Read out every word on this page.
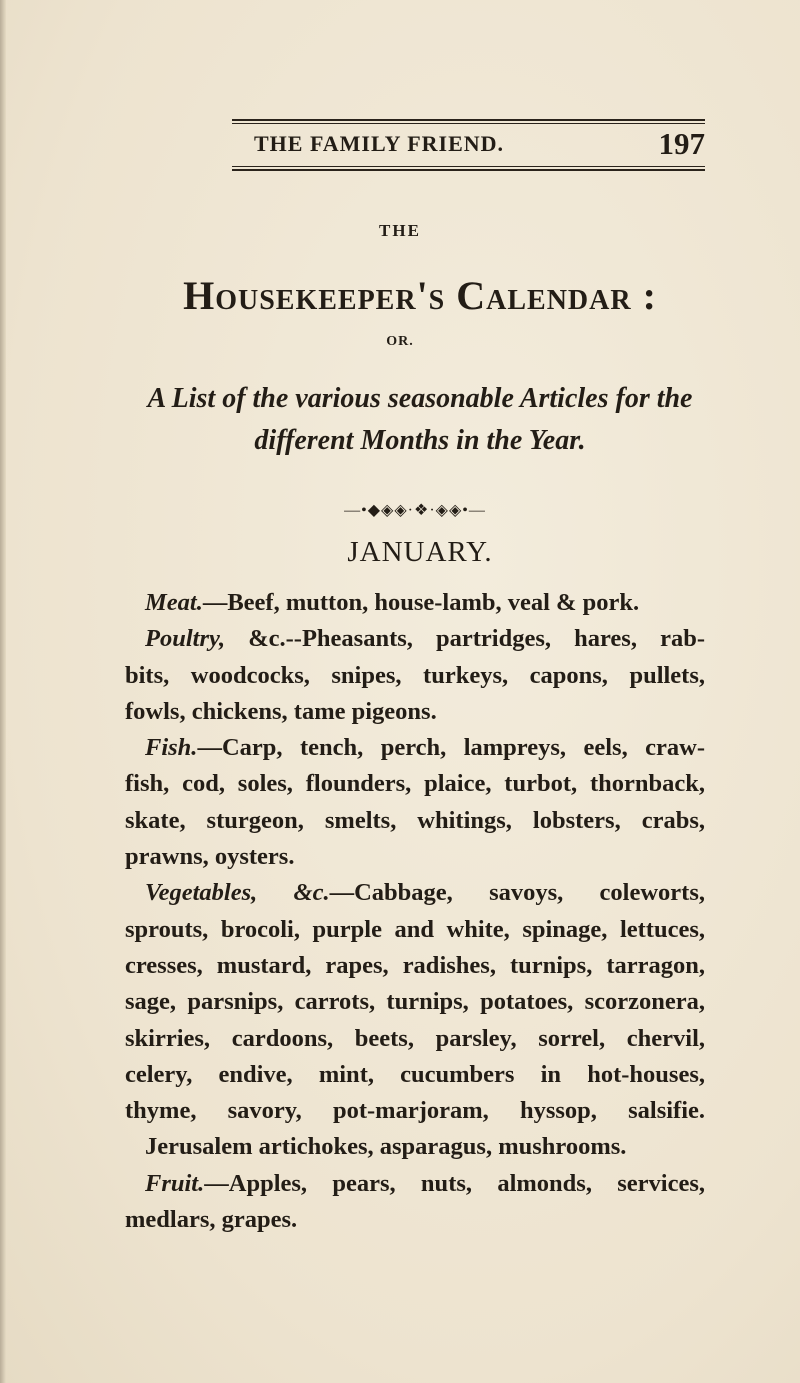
THE FAMILY FRIEND.	197
THE
Housekeeper's Calendar :
OR.
A List of the various seasonable Articles for the
different Months in the Year.
—•◆◈◈·❖·◈◈•—
JANUARY.
Meat.—Beef, mutton, house-lamb, veal & pork.
Poultry, &c.--Pheasants, partridges, hares, rab-
bits, woodcocks, snipes, turkeys, capons, pullets,
fowls, chickens, tame pigeons.
Fish.—Carp, tench, perch, lampreys, eels, craw-
fish, cod, soles, flounders, plaice, turbot, thornback,
skate, sturgeon, smelts, whitings, lobsters, crabs,
prawns, oysters.
Vegetables, &c.—Cabbage, savoys, coleworts,
sprouts, brocoli, purple and white, spinage, lettuces,
cresses, mustard, rapes, radishes, turnips, tarragon,
sage, parsnips, carrots, turnips, potatoes, scorzonera,
skirries, cardoons, beets, parsley, sorrel, chervil,
celery, endive, mint, cucumbers in hot-houses,
thyme, savory, pot-marjoram, hyssop, salsifie.
Jerusalem artichokes, asparagus, mushrooms.
Fruit.—Apples, pears, nuts, almonds, services,
medlars, grapes.
